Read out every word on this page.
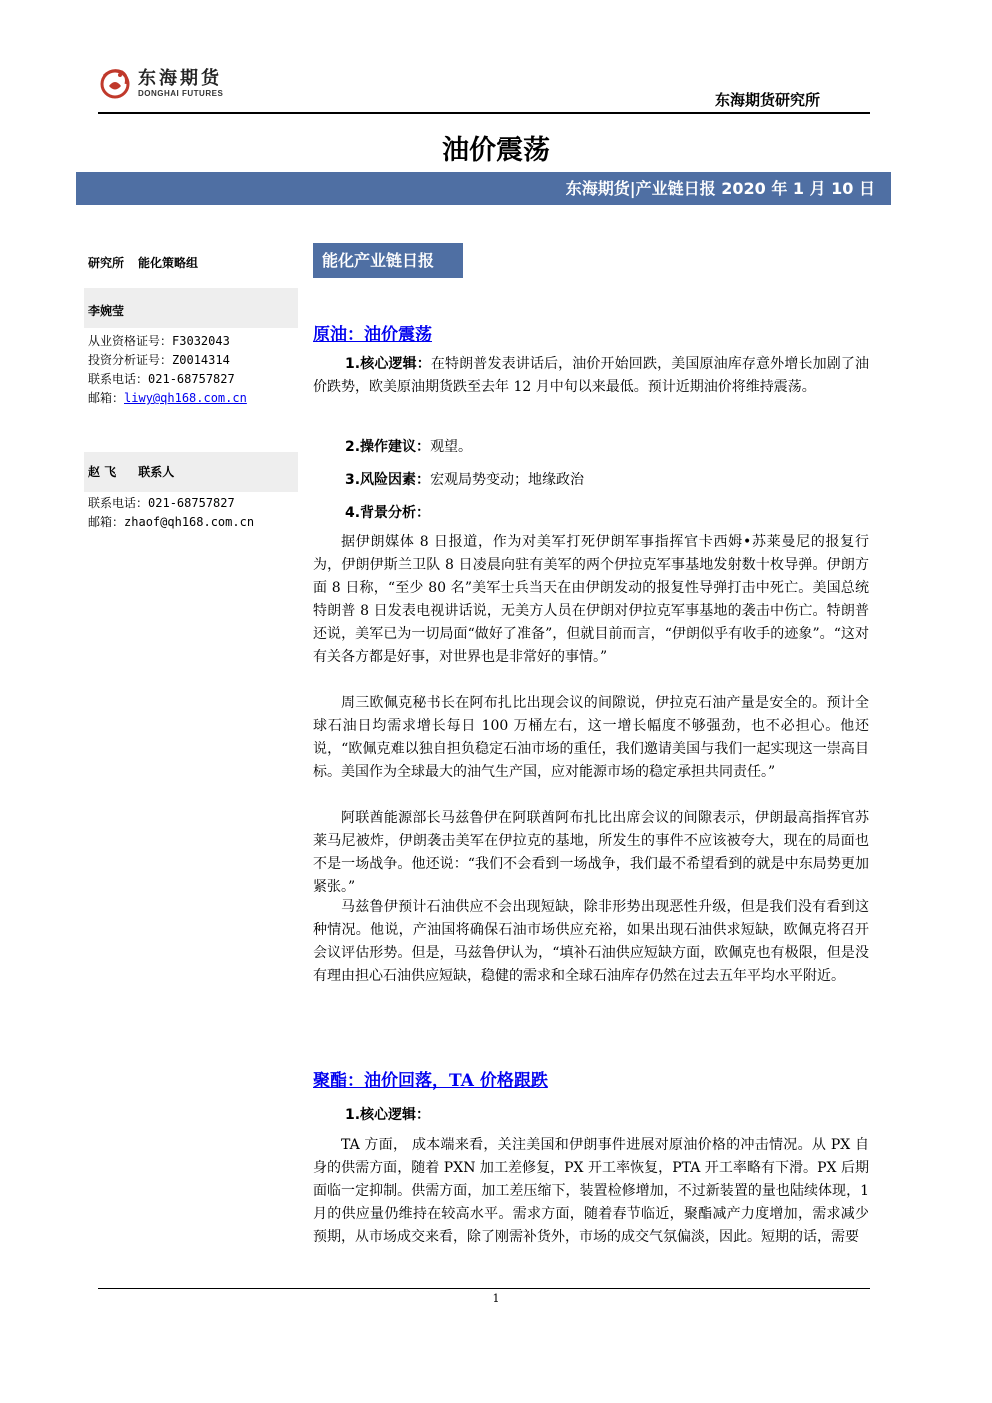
东海期货
DONGHAI FUTURES	东海期货研究所
油价震荡
东海期货|产业链日报 2020 年 1 月 10 日
研究所 能化策略组
李婉莹
从业资格证号：F3032043
投资分析证号：Z0014314
联系电话：021-68757827
邮箱：liwy@qh168.com.cn
赵 飞 联系人
联系电话：021-68757827
邮箱：zhaof@qh168.com.cn
能化产业链日报
原油：油价震荡
1.核心逻辑：在特朗普发表讲话后，油价开始回跌，美国原油库存意外增长加剧了油价跌势，欧美原油期货跌至去年 12 月中旬以来最低。预计近期油价将维持震荡。
2.操作建议：观望。
3.风险因素：宏观局势变动；地缘政治
4.背景分析：
据伊朗媒体 8 日报道，作为对美军打死伊朗军事指挥官卡西姆•苏莱曼尼的报复行为，伊朗伊斯兰卫队 8 日凌晨向驻有美军的两个伊拉克军事基地发射数十枚导弹。伊朗方面 8 日称，“至少 80 名”美军士兵当天在由伊朗发动的报复性导弹打击中死亡。美国总统特朗普 8 日发表电视讲话说，无美方人员在伊朗对伊拉克军事基地的袭击中伤亡。特朗普还说，美军已为一切局面“做好了准备”，但就目前而言，“伊朗似乎有收手的迹象”。“这对有关各方都是好事，对世界也是非常好的事情。”
周三欧佩克秘书长在阿布扎比出现会议的间隙说，伊拉克石油产量是安全的。预计全球石油日均需求增长每日 100 万桶左右，这一增长幅度不够强劲，也不必担心。他还说，“欧佩克难以独自担负稳定石油市场的重任，我们邀请美国与我们一起实现这一崇高目标。美国作为全球最大的油气生产国，应对能源市场的稳定承担共同责任。”
阿联酋能源部长马兹鲁伊在阿联酋阿布扎比出席会议的间隙表示，伊朗最高指挥官苏莱马尼被炸，伊朗袭击美军在伊拉克的基地，所发生的事件不应该被夸大，现在的局面也不是一场战争。他还说：“我们不会看到一场战争，我们最不希望看到的就是中东局势更加紧张。”
马兹鲁伊预计石油供应不会出现短缺，除非形势出现恶性升级，但是我们没有看到这种情况。他说，产油国将确保石油市场供应充裕，如果出现石油供求短缺，欧佩克将召开会议评估形势。但是，马兹鲁伊认为，“填补石油供应短缺方面，欧佩克也有极限，但是没有理由担心石油供应短缺，稳健的需求和全球石油库存仍然在过去五年平均水平附近。
聚酯：油价回落，TA 价格跟跌
1.核心逻辑：
TA 方面， 成本端来看，关注美国和伊朗事件进展对原油价格的冲击情况。从 PX 自身的供需方面，随着 PXN 加工差修复，PX 开工率恢复，PTA 开工率略有下滑。PX 后期面临一定抑制。供需方面，加工差压缩下，装置检修增加，不过新装置的量也陆续体现，1 月的供应量仍维持在较高水平。需求方面，随着春节临近，聚酯减产力度增加，需求减少预期，从市场成交来看，除了刚需补货外，市场的成交气氛偏淡，因此。短期的话，需要
1
